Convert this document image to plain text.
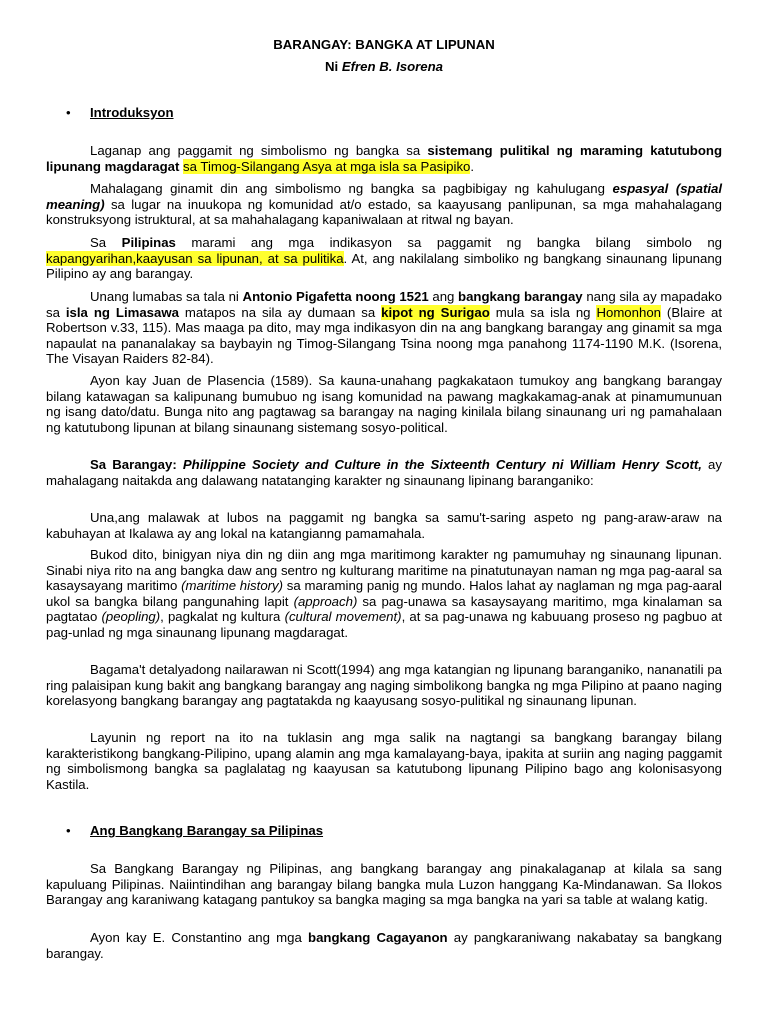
BARANGAY: BANGKA AT LIPUNAN
Ni Efren B. Isorena
• Introduksyon

Laganap ang paggamit ng simbolismo ng bangka sa sistemang pulitikal ng maraming katutubong lipunang magdaragat sa Timog-Silangang Asya at mga isla sa Pasipiko.

Mahalagang ginamit din ang simbolismo ng bangka sa pagbibigay ng kahulugang espasyal (spatial meaning) sa lugar na inuukopa ng komunidad at/o estado, sa kaayusang panlipunan, sa mga mahahalagang konstruksyong istruktural, at sa mahahalagang kapaniwalaan at ritwal ng bayan.

Sa Pilipinas marami ang mga indikasyon sa paggamit ng bangka bilang simbolo ng kapangyarihan,kaayusan sa lipunan, at sa pulitika. At, ang nakilalang simboliko ng bangkang sinaunang lipunang Pilipino ay ang barangay.

Unang lumabas sa tala ni Antonio Pigafetta noong 1521 ang bangkang barangay nang sila ay mapadako sa isla ng Limasawa matapos na sila ay dumaan sa kipot ng Surigao mula sa isla ng Homonhon (Blaire at Robertson v.33, 115). Mas maaga pa dito, may mga indikasyon din na ang bangkang barangay ang ginamit sa mga napaulat na pananalakay sa baybayin ng Timog-Silangang Tsina noong mga panahong 1174-1190 M.K. (Isorena, The Visayan Raiders 82-84).

Ayon kay Juan de Plasencia (1589). Sa kauna-unahang pagkakataon tumukoy ang bangkang barangay bilang katawagan sa kalipunang bumubuo ng isang komunidad na pawang magkakamag-anak at pinamumunuan ng isang dato/datu. Bunga nito ang pagtawag sa barangay na naging kinilala bilang sinaunang uri ng pamahalaan ng katutubong lipunan at bilang sinaunang sistemang sosyo-political.

Sa Barangay: Philippine Society and Culture in the Sixteenth Century ni William Henry Scott, ay mahalagang naitakda ang dalawang natatanging karakter ng sinaunang lipinang baranganiko:

Una,ang malawak at lubos na paggamit ng bangka sa samu't-saring aspeto ng pang-araw-araw na kabuhayan at Ikalawa ay ang lokal na katangianng pamamahala.

Bukod dito, binigyan niya din ng diin ang mga maritimong karakter ng pamumuhay ng sinaunang lipunan. Sinabi niya rito na ang bangka daw ang sentro ng kulturang maritime na pinatutunayan naman ng mga pag-aaral sa kasaysayang maritimo (maritime history) sa maraming panig ng mundo. Halos lahat ay naglaman ng mga pag-aaral ukol sa bangka bilang pangunahing lapit (approach) sa pag-unawa sa kasaysayang maritimo, mga kinalaman sa pagtatao (peopling), pagkalat ng kultura (cultural movement), at sa pag-unawa ng kabuuang proseso ng pagbuo at pag-unlad ng mga sinaunang lipunang magdaragat.

Bagama't detalyadong nailarawan ni Scott(1994) ang mga katangian ng lipunang baranganiko, nananatili pa ring palaisipan kung bakit ang bangkang barangay ang naging simbolikong bangka ng mga Pilipino at paano naging korelasyong bangkang barangay ang pagtatakda ng kaayusang sosyo-pulitikal ng sinaunang lipunan.

Layunin ng report na ito na tuklasin ang mga salik na nagtangi sa bangkang barangay bilang karakteristikong bangkang-Pilipino, upang alamin ang mga kamalayang-baya, ipakita at suriin ang naging paggamit ng simbolismong bangka sa paglalatag ng kaayusan sa katutubong lipunang Pilipino bago ang kolonisasyong Kastila.

• Ang Bangkang Barangay sa Pilipinas

Sa Bangkang Barangay ng Pilipinas, ang bangkang barangay ang pinakalaganap at kilala sa sang kapuluang Pilipinas. Naiintindihan ang barangay bilang bangka mula Luzon hanggang Ka-Mindanawan. Sa Ilokos Barangay ang karaniwang katagang pantukoy sa bangka maging sa mga bangka na yari sa table at walang katig.

Ayon kay E. Constantino ang mga bangkang Cagayanon ay pangkaraniwang nakabatay sa bangkang barangay.
